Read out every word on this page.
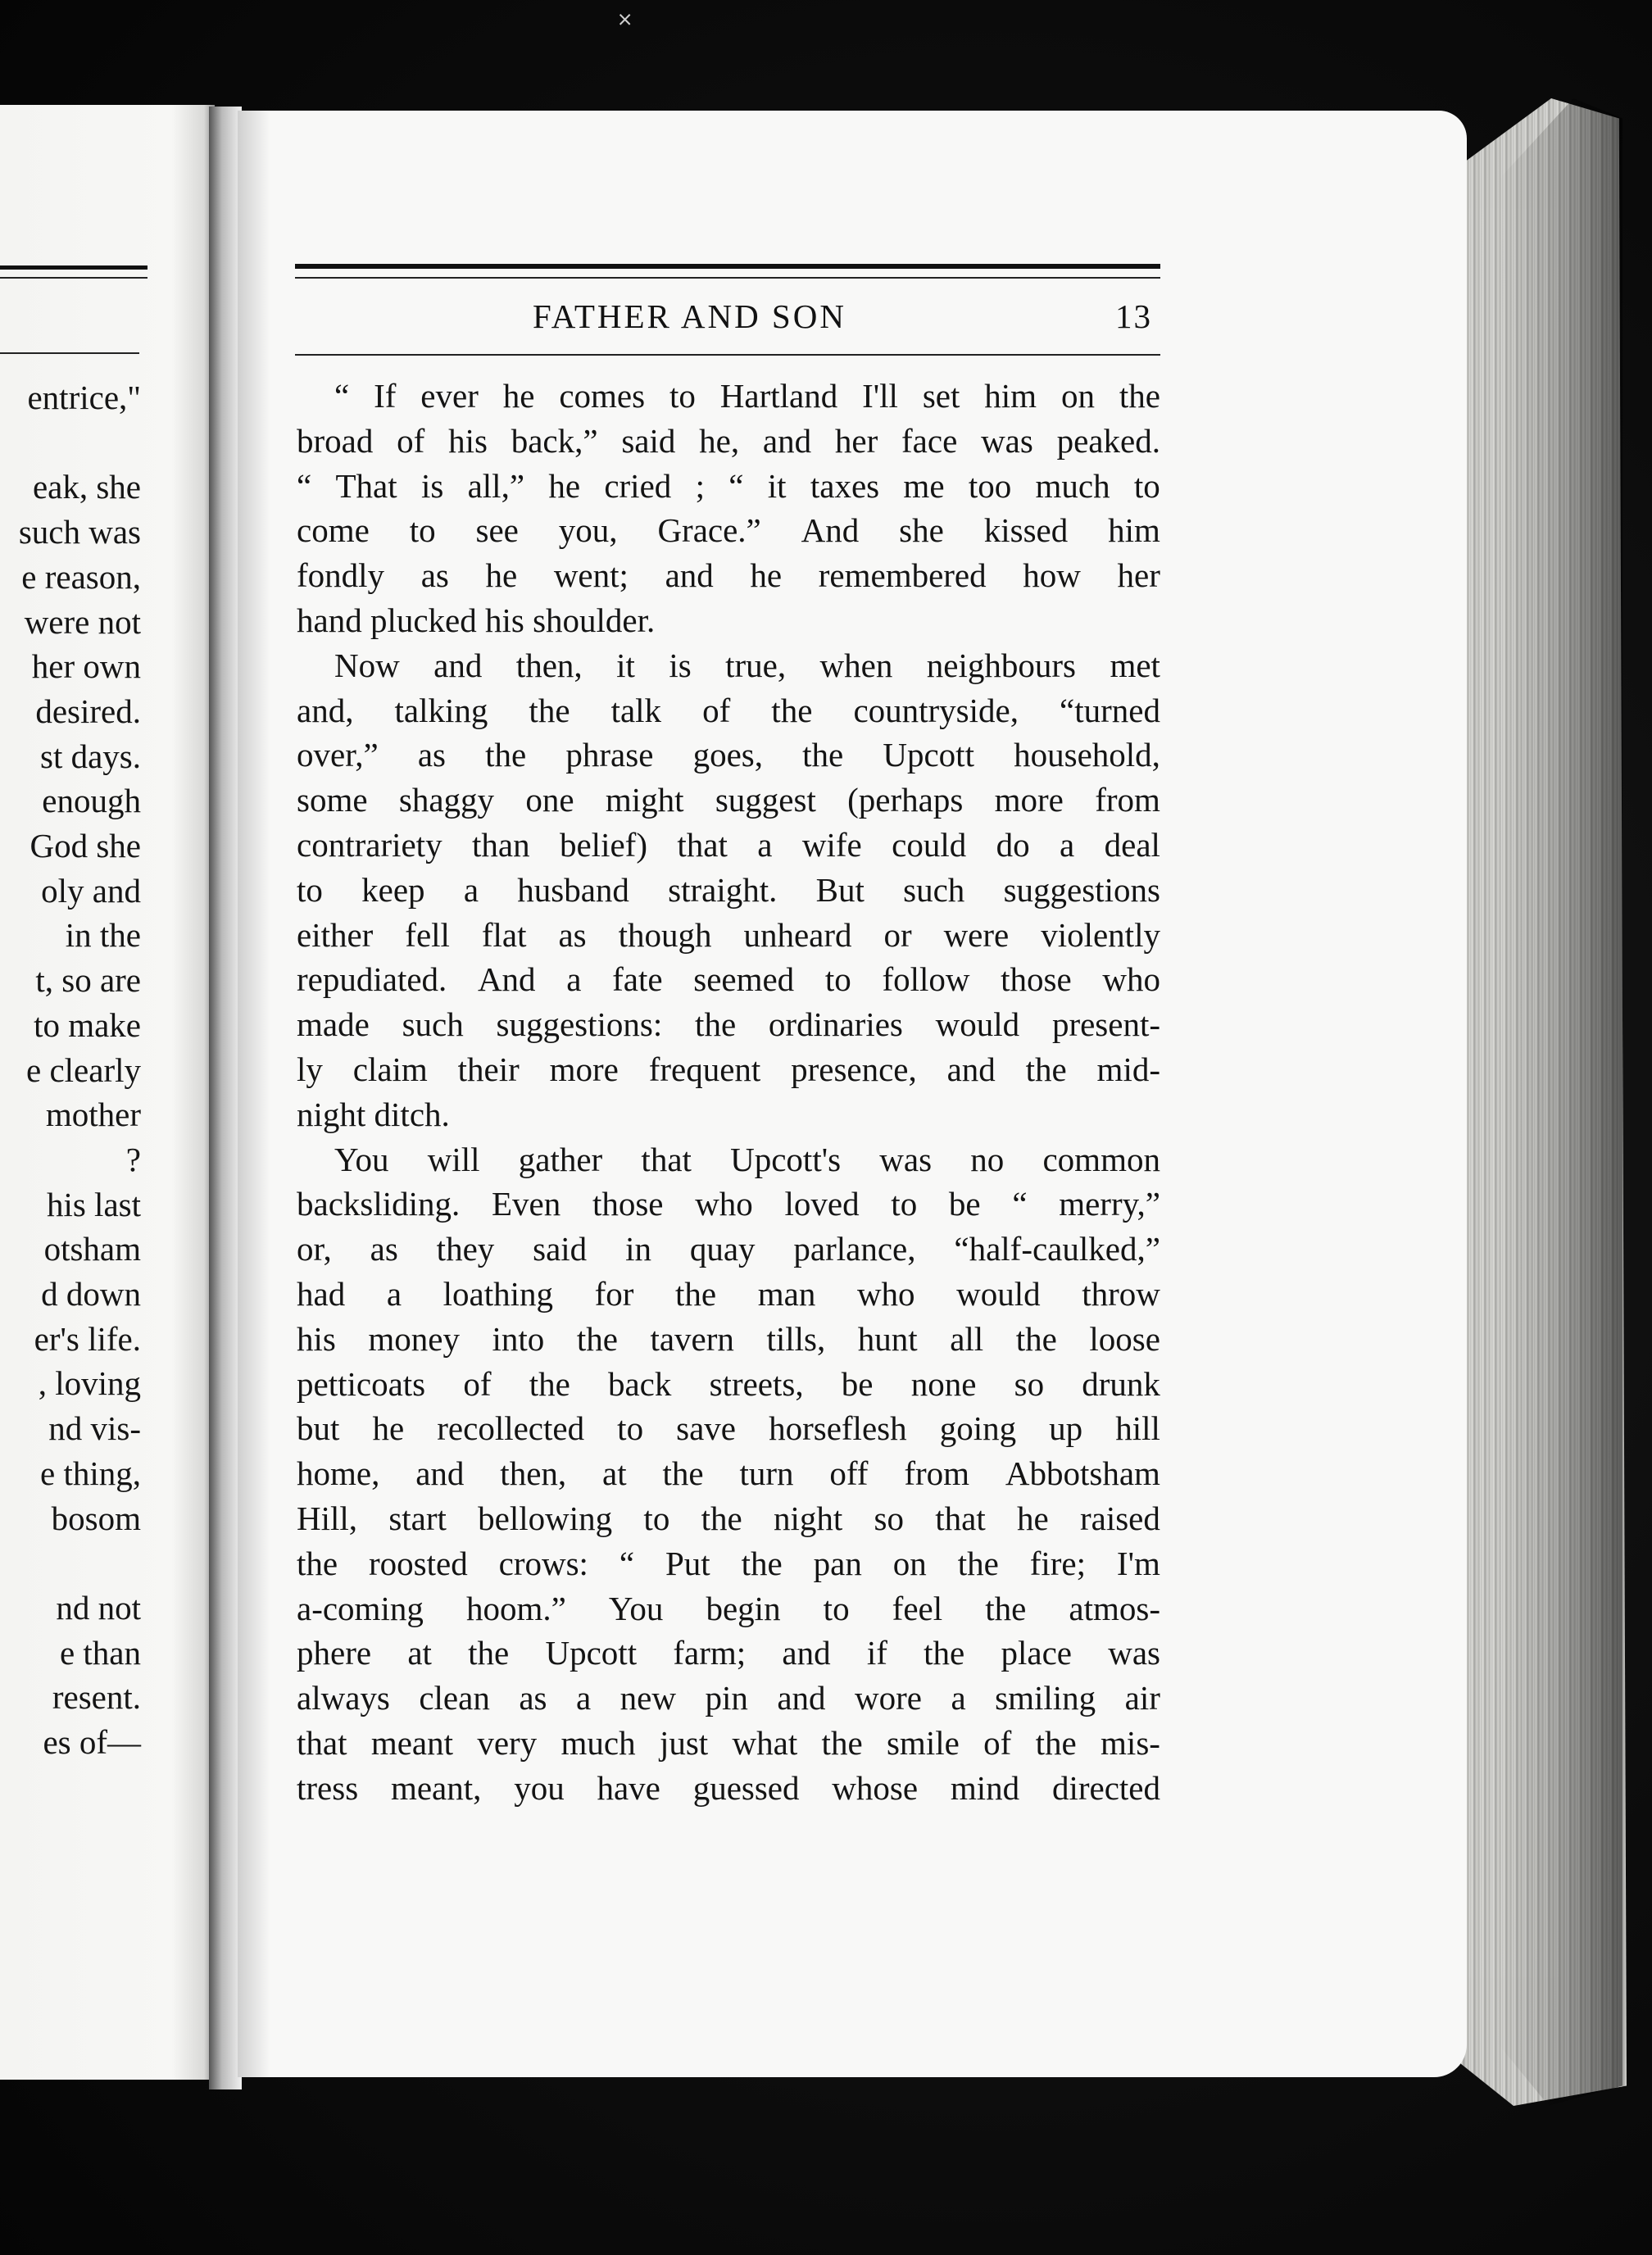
˟
entrice,"

eak, she
such was
e reason,
were not
her own
desired.
st days.
enough
God she
oly and
in the
t, so are
to make
e clearly
mother
?
his last
otsham
d down
er's life.
, loving
nd vis-
e thing,
bosom

nd not
e than
resent.
es of—
FATHER AND SON	13
“ If ever he comes to Hartland I'll set him on the
broad of his back,” said he, and her face was peaked.
“ That is all,” he cried ; “ it taxes me too much to
come to see you, Grace.” And she kissed him
fondly as he went; and he remembered how her
hand plucked his shoulder.
Now and then, it is true, when neighbours met
and, talking the talk of the countryside, “turned
over,” as the phrase goes, the Upcott household,
some shaggy one might suggest (perhaps more from
contrariety than belief) that a wife could do a deal
to keep a husband straight. But such suggestions
either fell flat as though unheard or were violently
repudiated. And a fate seemed to follow those who
made such suggestions: the ordinaries would present-
ly claim their more frequent presence, and the mid-
night ditch.
You will gather that Upcott's was no common
backsliding. Even those who loved to be “ merry,”
or, as they said in quay parlance, “half-caulked,”
had a loathing for the man who would throw
his money into the tavern tills, hunt all the loose
petticoats of the back streets, be none so drunk
but he recollected to save horseflesh going up hill
home, and then, at the turn off from Abbotsham
Hill, start bellowing to the night so that he raised
the roosted crows: “ Put the pan on the fire; I'm
a-coming hoom.” You begin to feel the atmos-
phere at the Upcott farm; and if the place was
always clean as a new pin and wore a smiling air
that meant very much just what the smile of the mis-
tress meant, you have guessed whose mind directed
